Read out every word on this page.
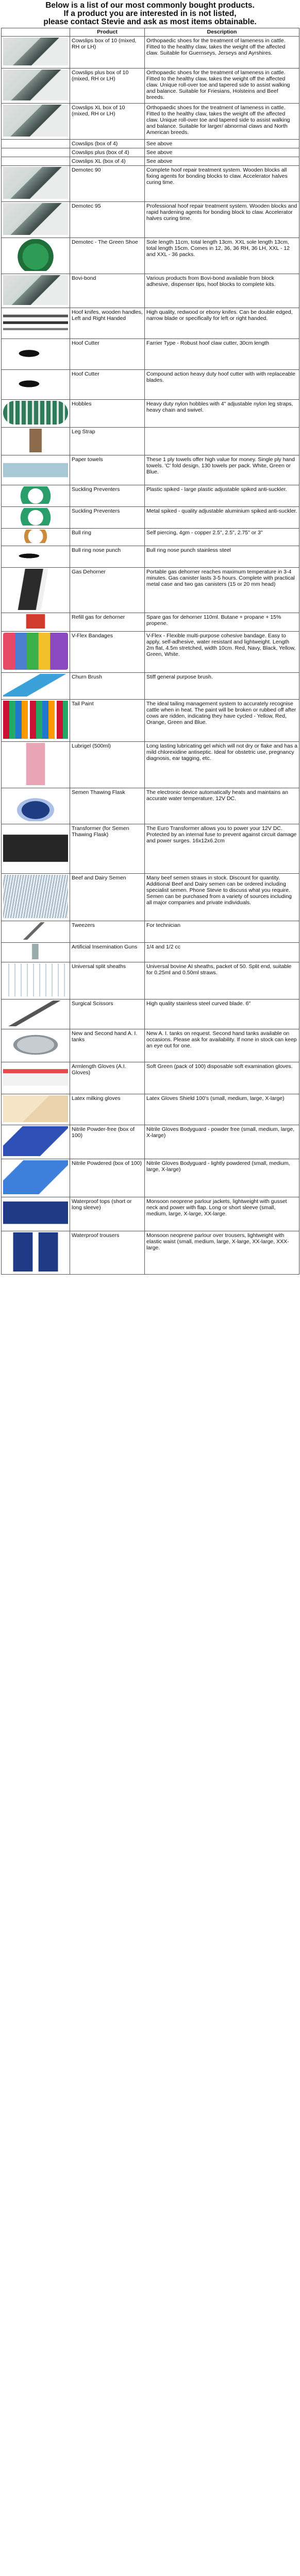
Below is a list of our most commonly bought products.
If a product you are interested in is not listed,
please contact Stevie and ask as most items obtainable.
	Product	Description

	Cowslips box of 10 (mixed, RH or LH)	Orthopaedic shoes for the treatment of lameness in cattle. Fitted to the healthy claw, takes the weight off the affected claw. Suitable for Guernseys, Jerseys and Ayrshires.

	Cowslips plus box of 10 (mixed, RH or LH)	Orthopaedic shoes for the treatment of lameness in cattle. Fitted to the healthy claw, takes the weight off the affected claw. Unique roll-over toe and tapered side to assist walking and balance. Suitable for Friesians, Holsteins and Beef breeds.

	Cowslips XL box of 10 (mixed, RH or LH)	Orthopaedic shoes for the treatment of lameness in cattle. Fitted to the healthy claw, takes the weight off the affected claw. Unique roll-over toe and tapered side to assist walking and balance. Suitable for larger/ abnormal claws and North American breeds.
	Cowslips (box of 4)	See above
	Cowslips plus (box of 4)	See above
	Cowslips XL (box of 4)	See above

	Demotec 90	Complete hoof repair treatment system. Wooden blocks all fixing agents for bonding blocks to claw. Accelerator halves curing time.

	Demotec 95	Professional hoof repair treatment system. Wooden blocks and rapid hardening agents for bonding block to claw. Accelerator halves curing time.

	Demotec - The Green Shoe	Sole length 11cm, total length 13cm. XXL sole length 13cm, total length 15cm. Comes in 12, 36, 36 RH, 36 LH, XXL - 12 and XXL - 36 packs.

	Bovi-bond	Various products from Bovi-bond available from block adhesive, dispenser tips, hoof blocks to complete kits.

	Hoof knifes, wooden handles, Left and Right Handed	High quality, redwood or ebony knifes. Can be double edged, narrow blade or specifically for left or right handed.

	Hoof Cutter	Farrier Type - Robust hoof claw cutter, 30cm length

	Hoof Cutter	Compound action heavy duty hoof cutter with with replaceable blades.

	Hobbles	Heavy duty nylon hobbles with 4" adjustable nylon leg straps, heavy chain and swivel.

	Leg Strap	

	Paper towels	These 1 ply towels offer high value for money. Single ply hand towels. 'C' fold design. 130 towels per pack. White, Green or Blue.

	Suckling Preventers	Plastic spiked - large plastic adjustable spiked anti-suckler.

	Suckling Preventers	Metal spiked - quality adjustable aluminium spiked anti-suckler.

	Bull ring	Self piercing, 4gm - copper 2.5", 2.5", 2.75" or 3"

	Bull ring nose punch	Bull ring nose punch stainless steel

	Gas Dehorner	Portable gas dehorner reaches maximum temperature in 3-4 minutes. Gas canister lasts 3-5 hours. Complete with practical metal case and two gas canisters (15 or 20 mm head)

	Refill gas for dehorner	Spare gas for dehorner 110ml. Butane + propane + 15% propene.

	V-Flex Bandages	V-Flex - Flexible multi-purpose cohesive bandage. Easy to apply, self-adhesive, water resistant and lightweight. Length 2m flat, 4.5m stretched, width 10cm. Red, Navy, Black, Yellow, Green, White.

	Churn Brush	Stiff general purpose brush.

	Tail Paint	The ideal tailing management system to accurately recognise cattle when in heat. The paint will be broken or rubbed off after cows are ridden, indicating they have cycled - Yellow, Red, Orange, Green and Blue.

	Lubrigel (500ml)	Long lasting lubricating gel which will not dry or flake and has a mild chlorexidine antiseptic. Ideal for obstetric use, pregnancy diagnosis, ear tagging, etc.

	Semen Thawing Flask	The electronic device automatically heats and maintains an accurate water temperature, 12V DC.

	Transformer (for Semen Thawing Flask)	The Euro Transformer allows you to power your 12V DC. Protected by an internal fuse to prevent against circuit damage and power surges. 16x12x6.2cm

	Beef and Dairy Semen	Many beef semen straws in stock. Discount for quantity. Additional Beef and Dairy semen can be ordered including specialist semen. Phone Stevie to discuss what you require. Semen can be purchased from a variety of sources including all major companies and private individuals.

	Tweezers	For technician

	Artificial Insemination Guns	1/4 and 1/2 cc

	Universal split sheaths	Universal bovine AI sheaths, packet of 50. Split end, suitable for 0.25ml and 0.50ml straws.

	Surgical Scissors	High quality stainless steel curved blade. 6"

	New and Second hand A. I. tanks	New A. I. tanks on request. Second hand tanks available on occasions. Please ask for availability. If none in stock can keep an eye out for one.

	Armlength Gloves (A.I. Gloves)	Soft Green (pack of 100) disposable soft examination gloves.

	Latex milking gloves	Latex Gloves Shield 100's (small, medium, large, X-large)

	Nitrile Powder-free (box of 100)	Nitrile Gloves Bodyguard - powder free (small, medium, large, X-large)

	Nitrile Powdered (box of 100)	Nitrile Gloves Bodyguard - lightly powdered (small, medium, large, X-large)

	Waterproof tops (short or long sleeve)	Monsoon neoprene parlour jackets, lightweight with gusset neck and power with flap. Long or short sleeve (small, medium, large, X-large, XX-large.

	Waterproof trousers	Monsoon neoprene parlour over trousers, lightweight with elastic waist (small, medium, large, X-large, XX-large, XXX-large.
